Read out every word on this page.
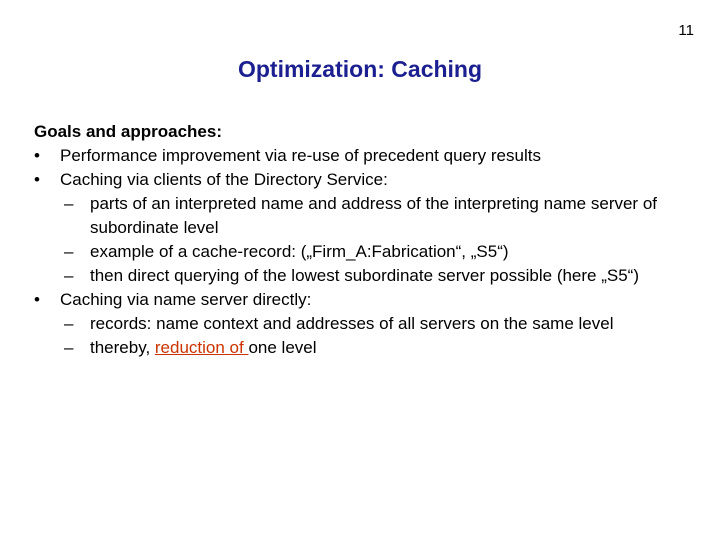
11
Optimization: Caching
Goals and approaches:
• Performance improvement via re-use of precedent query results
• Caching via clients of the Directory Service:
– parts of an interpreted name and address of the interpreting name server of subordinate level
– example of a cache-record: („Firm_A:Fabrication“, „S5“)
– then direct querying of the lowest subordinate server possible (here „S5“)
• Caching via name server directly:
– records: name context and addresses of all servers on the same level
– thereby, reduction of one level
